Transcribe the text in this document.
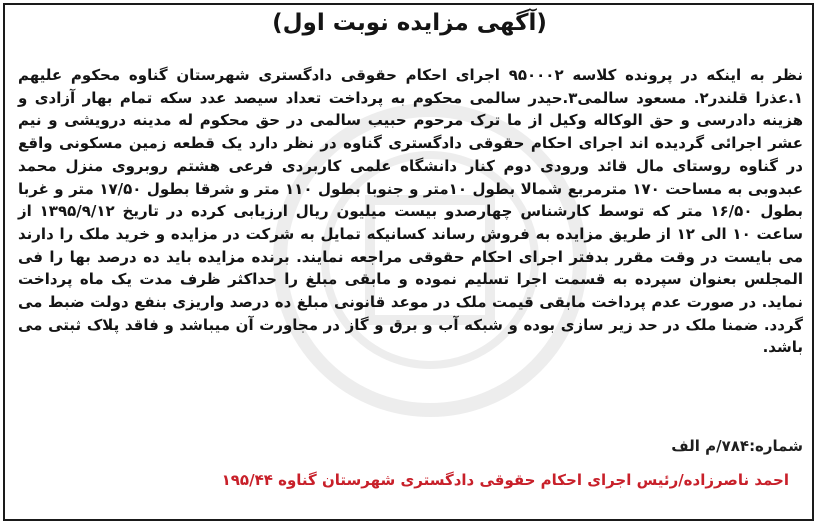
(آگهی مزایده نوبت اول)
نظر به اینکه در پرونده کلاسه ۹۵۰۰۰۲ اجرای احکام حقوقی دادگستری شهرستان گناوه محکوم علیهم ۱.عذرا قلندر۲. مسعود سالمی۳.حیدر سالمی محکوم به پرداخت تعداد سیصد عدد سکه تمام بهار آزادی و هزینه دادرسی و حق الوکاله وکیل از ما ترک مرحوم حبیب سالمی در حق محکوم له مدینه درویشی و نیم عشر اجرائی گردیده اند اجرای احکام حقوقی دادگستری گناوه در نظر دارد یک قطعه زمین مسکونی واقع در گناوه روستای مال قائد ورودی دوم کنار دانشگاه علمی کاربردی فرعی هشتم روبروی منزل محمد عبدوبی به مساحت ۱۷۰ مترمربع شمالا بطول ۱۰متر و جنوبا بطول ۱۱۰ متر و شرقا بطول ۱۷/۵۰ متر و غربا بطول ۱۶/۵۰ متر که توسط کارشناس چهارصدو بیست میلیون ریال ارزیابی کرده در تاریخ ۱۳۹۵/۹/۱۲ از ساعت ۱۰ الی ۱۲ از طریق مزایده به فروش رساند کسانیکه تمایل به شرکت در مزایده و خرید ملک را دارند می بایست در وقت مقرر بدفتر اجرای احکام حقوقی مراجعه نمایند. برنده مزایده باید ده درصد بها را فی المجلس بعنوان سپرده به قسمت اجرا تسلیم نموده و مابقی مبلغ را حداکثر ظرف مدت یک ماه پرداخت نماید. در صورت عدم پرداخت مابقی قیمت ملک در موعد قانونی مبلغ ده درصد واریزی بنفع دولت ضبط می گردد. ضمنا ملک در حد زیر سازی بوده و شبکه آب و برق و گاز در مجاورت آن میباشد و فاقد پلاک ثبتی می باشد.
شماره:۷۸۴/م الف
احمد ناصرزاده/رئیس اجرای احکام حقوقی دادگستری شهرستان گناوه ۱۹۵/۴۴
